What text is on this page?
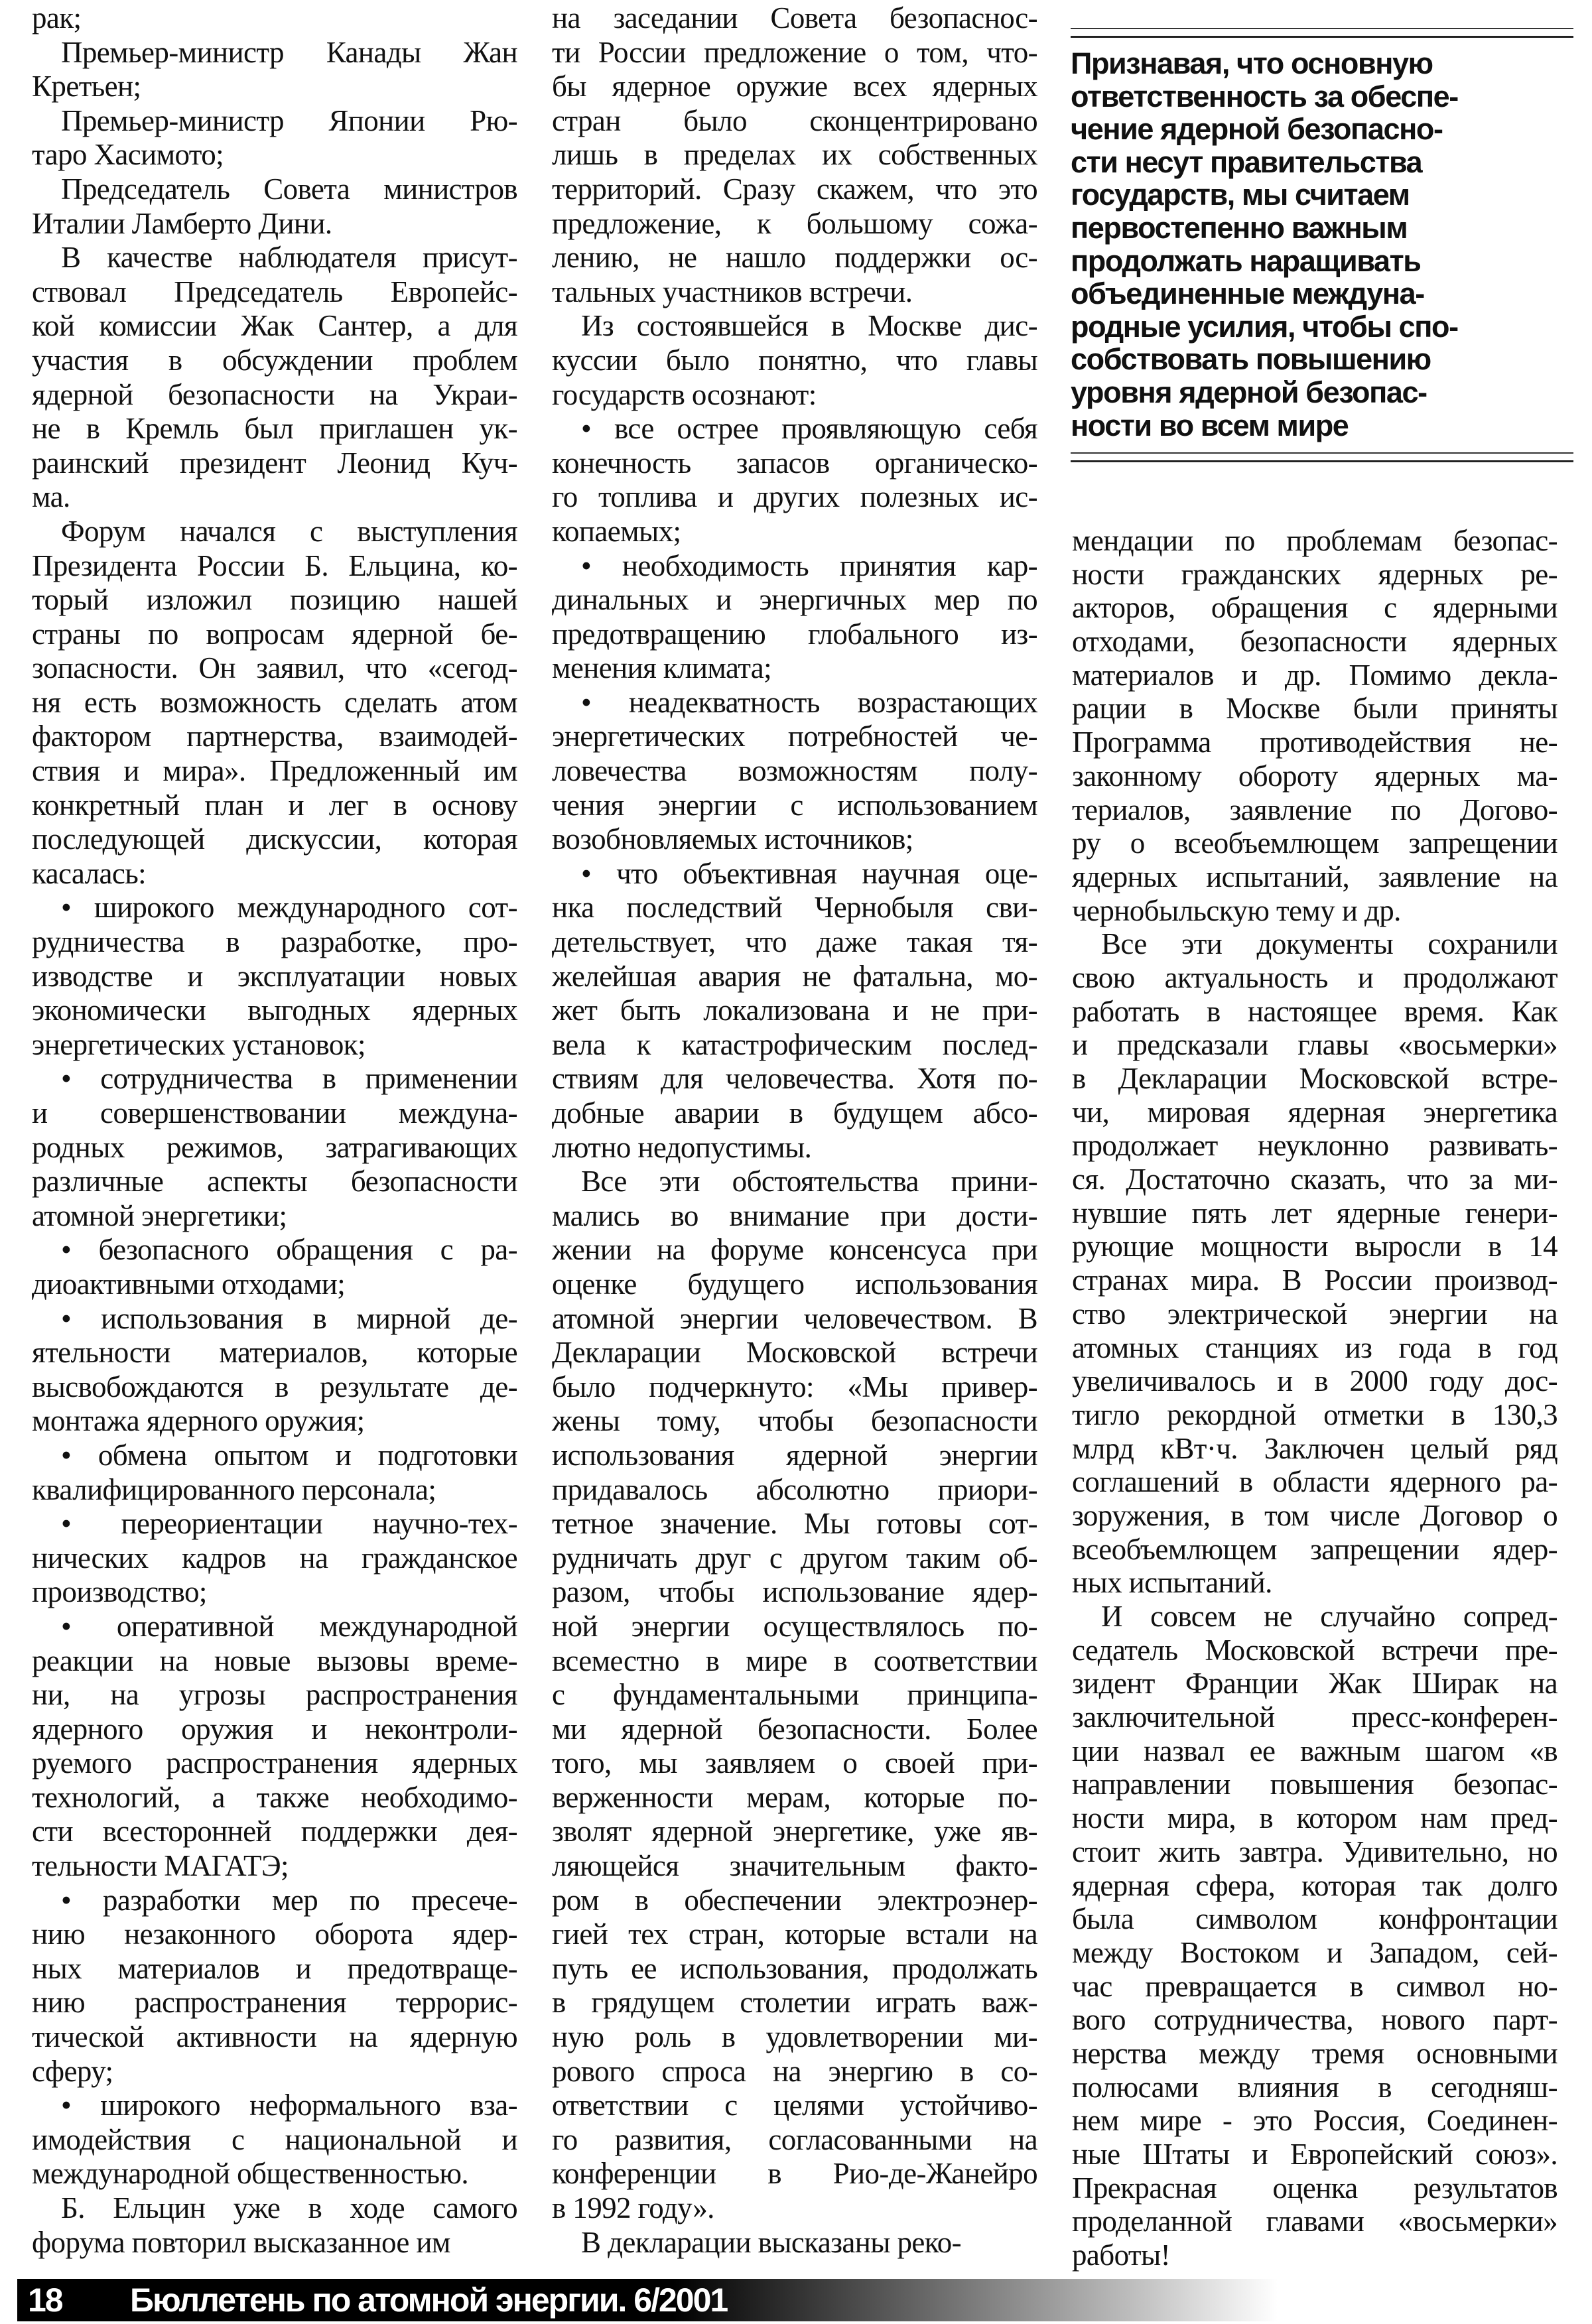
рак;
Премьер-министр Канады Жан
Кретьен;
Премьер-министр Японии Рю-
таро Хасимото;
Председатель Совета министров
Италии Ламберто Дини.
В качестве наблюдателя присут-
ствовал Председатель Европейс-
кой комиссии Жак Сантер, а для
участия в обсуждении проблем
ядерной безопасности на Украи-
не в Кремль был приглашен ук-
раинский президент Леонид Куч-
ма.
Форум начался с выступления
Президента России Б. Ельцина, ко-
торый изложил позицию нашей
страны по вопросам ядерной бе-
зопасности. Он заявил, что «сегод-
ня есть возможность сделать атом
фактором партнерства, взаимодей-
ствия и мира». Предложенный им
конкретный план и лег в основу
последующей дискуссии, которая
касалась:
• широкого международного сот-
рудничества в разработке, про-
изводстве и эксплуатации новых
экономически выгодных ядерных
энергетических установок;
• сотрудничества в применении
и совершенствовании междуна-
родных режимов, затрагивающих
различные аспекты безопасности
атомной энергетики;
• безопасного обращения с ра-
диоактивными отходами;
• использования в мирной де-
ятельности материалов, которые
высвобождаются в результате де-
монтажа ядерного оружия;
• обмена опытом и подготовки
квалифицированного персонала;
• переориентации научно-тех-
нических кадров на гражданское
производство;
• оперативной международной
реакции на новые вызовы време-
ни, на угрозы распространения
ядерного оружия и неконтроли-
руемого распространения ядерных
технологий, а также необходимо-
сти всесторонней поддержки дея-
тельности МАГАТЭ;
• разработки мер по пресече-
нию незаконного оборота ядер-
ных материалов и предотвраще-
нию распространения террорис-
тической активности на ядерную
сферу;
• широкого неформального вза-
имодействия с национальной и
международной общественностью.
Б. Ельцин уже в ходе самого
форума повторил высказанное им
на заседании Совета безопаснос-
ти России предложение о том, что-
бы ядерное оружие всех ядерных
стран было сконцентрировано
лишь в пределах их собственных
территорий. Сразу скажем, что это
предложение, к большому сожа-
лению, не нашло поддержки ос-
тальных участников встречи.
Из состоявшейся в Москве дис-
куссии было понятно, что главы
государств осознают:
• все острее проявляющую себя
конечность запасов органическо-
го топлива и других полезных ис-
копаемых;
• необходимость принятия кар-
динальных и энергичных мер по
предотвращению глобального из-
менения климата;
• неадекватность возрастающих
энергетических потребностей че-
ловечества возможностям полу-
чения энергии с использованием
возобновляемых источников;
• что объективная научная оце-
нка последствий Чернобыля сви-
детельствует, что даже такая тя-
желейшая авария не фатальна, мо-
жет быть локализована и не при-
вела к катастрофическим послед-
ствиям для человечества. Хотя по-
добные аварии в будущем абсо-
лютно недопустимы.
Все эти обстоятельства прини-
мались во внимание при дости-
жении на форуме консенсуса при
оценке будущего использования
атомной энергии человечеством. В
Декларации Московской встречи
было подчеркнуто: «Мы привер-
жены тому, чтобы безопасности
использования ядерной энергии
придавалось абсолютно приори-
тетное значение. Мы готовы сот-
рудничать друг с другом таким об-
разом, чтобы использование ядер-
ной энергии осуществлялось по-
всеместно в мире в соответствии
с фундаментальными принципа-
ми ядерной безопасности. Более
того, мы заявляем о своей при-
верженности мерам, которые по-
зволят ядерной энергетике, уже яв-
ляющейся значительным факто-
ром в обеспечении электроэнер-
гией тех стран, которые встали на
путь ее использования, продолжать
в грядущем столетии играть важ-
ную роль в удовлетворении ми-
рового спроса на энергию в со-
ответствии с целями устойчиво-
го развития, согласованными на
конференции в Рио-де-Жанейро
в 1992 году».
В декларации высказаны реко-
мендации по проблемам безопас-
ности гражданских ядерных ре-
акторов, обращения с ядерными
отходами, безопасности ядерных
материалов и др. Помимо декла-
рации в Москве были приняты
Программа противодействия не-
законному обороту ядерных ма-
териалов, заявление по Догово-
ру о всеобъемлющем запрещении
ядерных испытаний, заявление на
чернобыльскую тему и др.
Все эти документы сохранили
свою актуальность и продолжают
работать в настоящее время. Как
и предсказали главы «восьмерки»
в Декларации Московской встре-
чи, мировая ядерная энергетика
продолжает неуклонно развивать-
ся. Достаточно сказать, что за ми-
нувшие пять лет ядерные генери-
рующие мощности выросли в 14
странах мира. В России производ-
ство электрической энергии на
атомных станциях из года в год
увеличивалось и в 2000 году дос-
тигло рекордной отметки в 130,3
млрд кВт·ч. Заключен целый ряд
соглашений в области ядерного ра-
зоружения, в том числе Договор о
всеобъемлющем запрещении ядер-
ных испытаний.
И совсем не случайно сопред-
седатель Московской встречи пре-
зидент Франции Жак Ширак на
заключительной пресс-конферен-
ции назвал ее важным шагом «в
направлении повышения безопас-
ности мира, в котором нам пред-
стоит жить завтра. Удивительно, но
ядерная сфера, которая так долго
была символом конфронтации
между Востоком и Западом, сей-
час превращается в символ но-
вого сотрудничества, нового парт-
нерства между тремя основными
полюсами влияния в сегодняш-
нем мире - это Россия, Соединен-
ные Штаты и Европейский союз».
Прекрасная оценка результатов
проделанной главами «восьмерки»
работы!
Признавая, что основную
ответственность за обеспе-
чение ядерной безопасно-
сти несут правительства
государств, мы считаем
первостепенно важным
продолжать наращивать
объединенные междуна-
родные усилия, чтобы спо-
собствовать повышению
уровня ядерной безопас-
ности во всем мире
18 Бюллетень по атомной энергии. 6/2001
